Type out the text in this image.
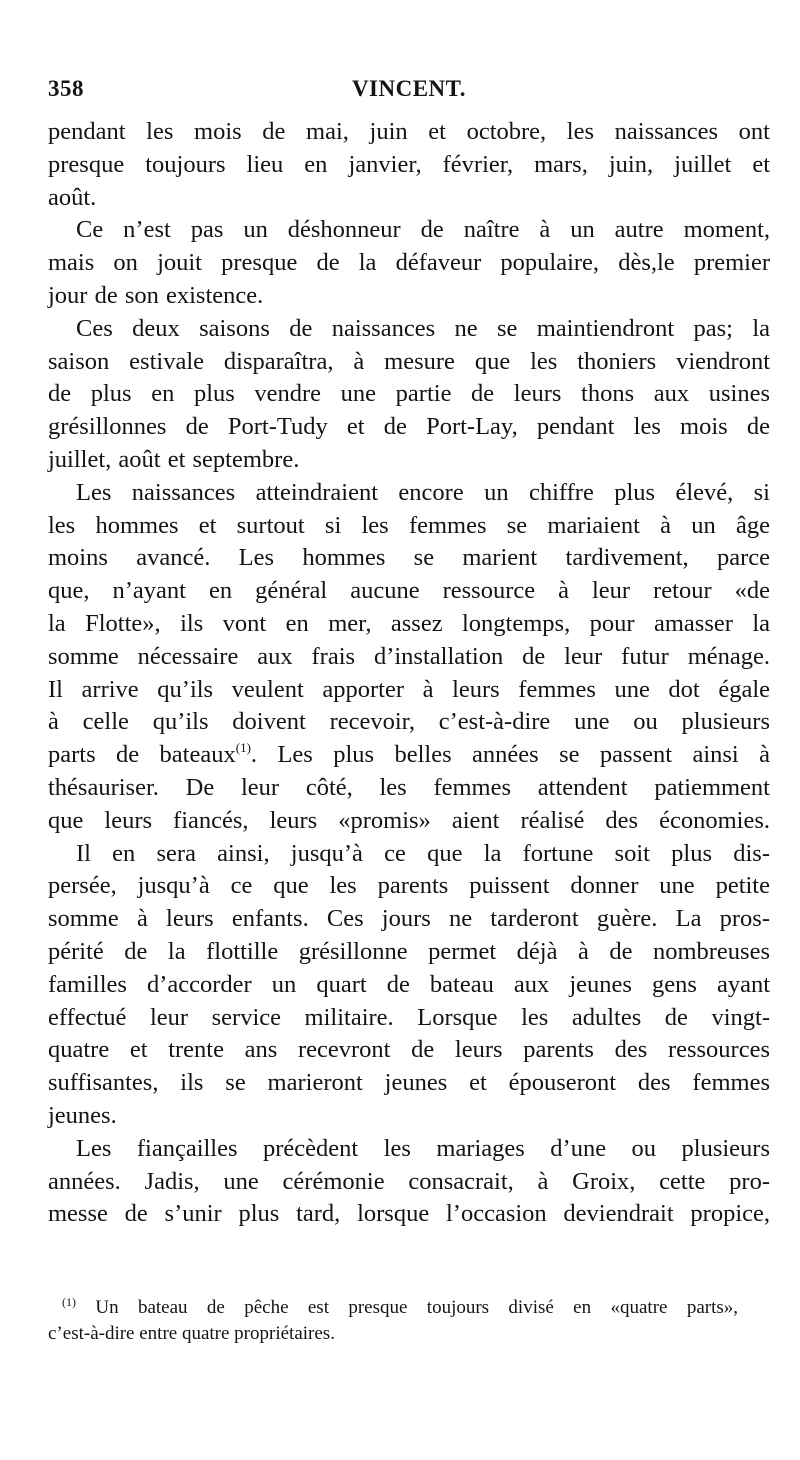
358	VINCENT.
pendant les mois de mai, juin et octobre, les naissances ont
presque toujours lieu en janvier, février, mars, juin, juillet et
août.
Ce n’est pas un déshonneur de naître à un autre moment,
mais on jouit presque de la défaveur populaire, dès,le premier
jour de son existence.
Ces deux saisons de naissances ne se maintiendront pas; la
saison estivale disparaîtra, à mesure que les thoniers viendront
de plus en plus vendre une partie de leurs thons aux usines
grésillonnes de Port-Tudy et de Port-Lay, pendant les mois de
juillet, août et septembre.
Les naissances atteindraient encore un chiffre plus élevé, si
les hommes et surtout si les femmes se mariaient à un âge
moins avancé. Les hommes se marient tardivement, parce
que, n’ayant en général aucune ressource à leur retour «de
la Flotte», ils vont en mer, assez longtemps, pour amasser la
somme nécessaire aux frais d’installation de leur futur ménage.
Il arrive qu’ils veulent apporter à leurs femmes une dot égale
à celle qu’ils doivent recevoir, c’est-à-dire une ou plusieurs
parts de bateaux$^{(1)}$. Les plus belles années se passent ainsi à
thésauriser. De leur côté, les femmes attendent patiemment
que leurs fiancés, leurs «promis» aient réalisé des économies.
Il en sera ainsi, jusqu’à ce que la fortune soit plus dis-
persée, jusqu’à ce que les parents puissent donner une petite
somme à leurs enfants. Ces jours ne tarderont guère. La pros-
périté de la flottille grésillonne permet déjà à de nombreuses
familles d’accorder un quart de bateau aux jeunes gens ayant
effectué leur service militaire. Lorsque les adultes de vingt-
quatre et trente ans recevront de leurs parents des ressources
suffisantes, ils se marieront jeunes et épouseront des femmes
jeunes.
Les fiançailles précèdent les mariages d’une ou plusieurs
années. Jadis, une cérémonie consacrait, à Groix, cette pro-
messe de s’unir plus tard, lorsque l’occasion deviendrait propice,
$^{(1)}$ Un bateau de pêche est presque toujours divisé en «quatre parts»,
c’est-à-dire entre quatre propriétaires.
